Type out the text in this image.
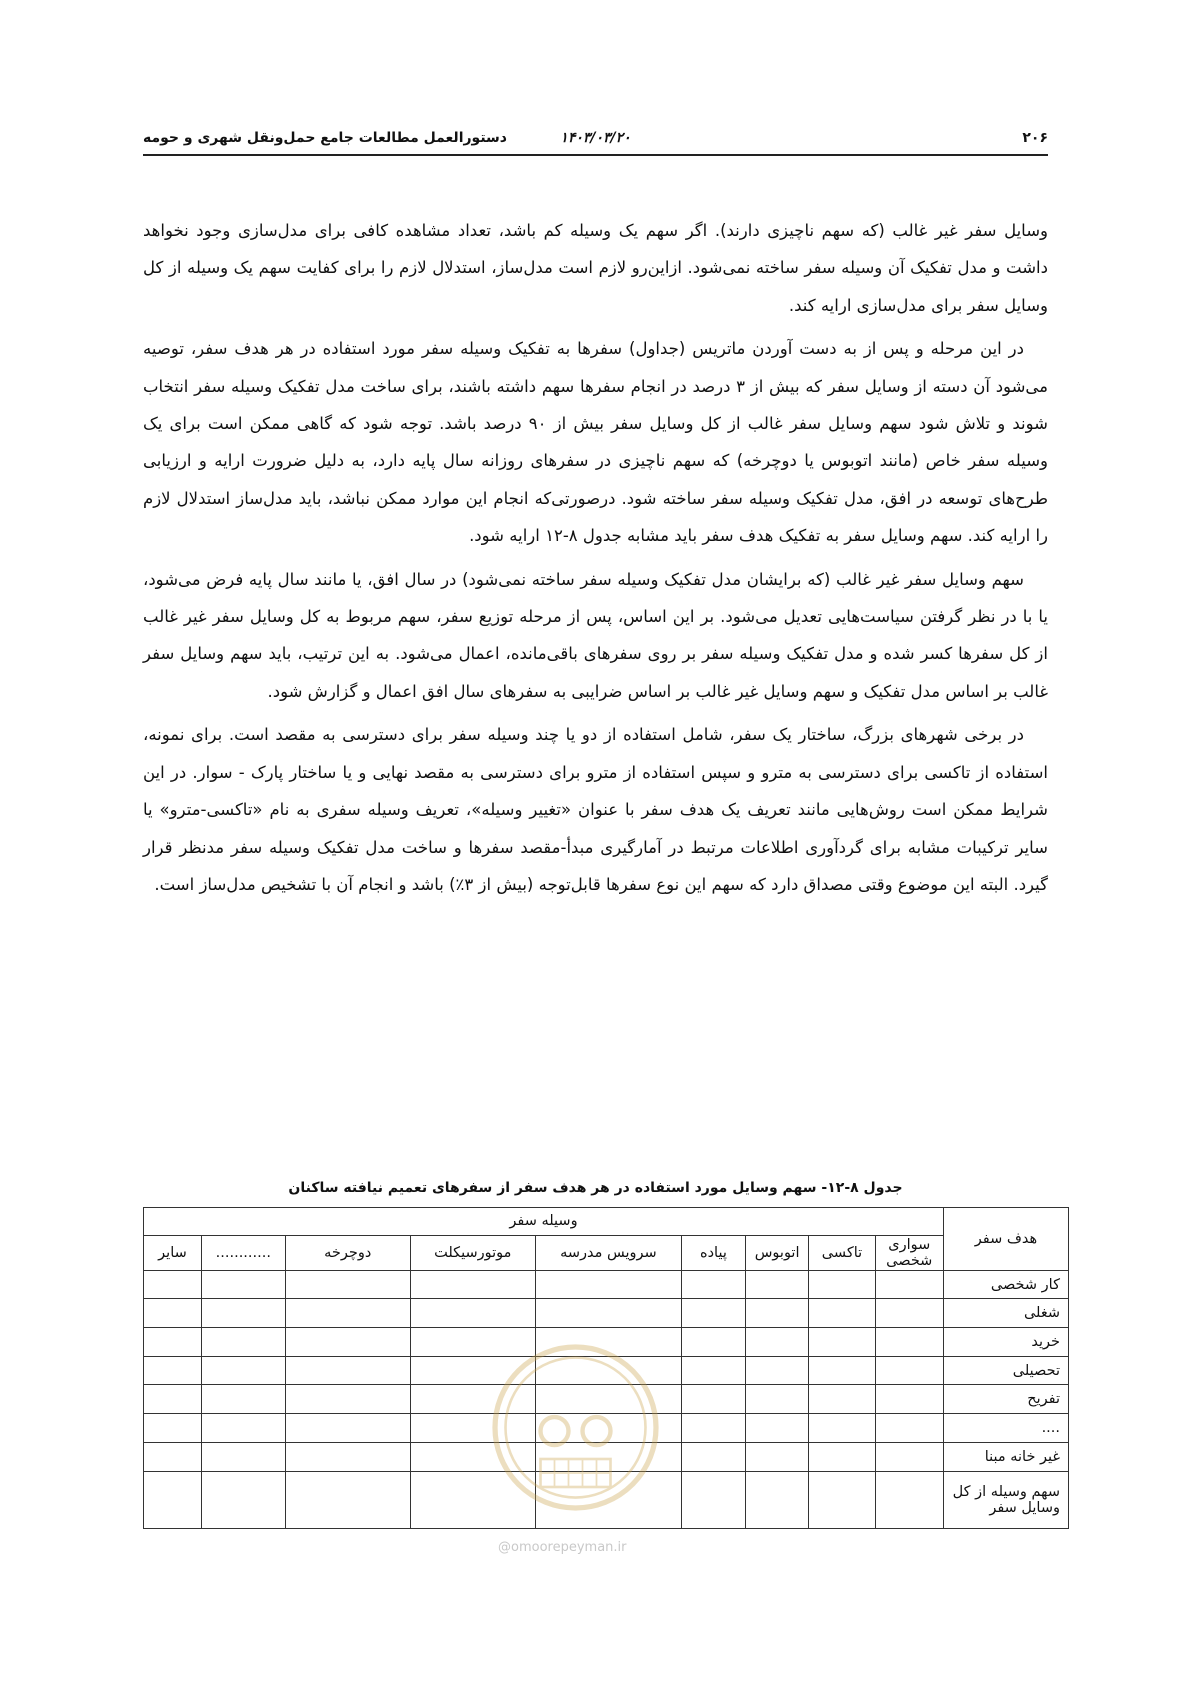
۲۰۶
۱۴۰۳/۰۳/۲۰
دستورالعمل مطالعات جامع حمل‌ونقل شهری و حومه

وسایل سفر غیر غالب (که سهم ناچیزی دارند). اگر سهم یک وسیله کم باشد، تعداد مشاهده کافی برای مدل‌سازی وجود نخواهد داشت و مدل تفکیک آن وسیله سفر ساخته نمی‌شود. ازاین‌رو لازم است مدل‌ساز، استدلال لازم را برای کفایت سهم یک وسیله از کل وسایل سفر برای مدل‌سازی ارایه کند.

در این مرحله و پس از به دست آوردن ماتریس (جداول) سفرها به تفکیک وسیله سفر مورد استفاده در هر هدف سفر، توصیه می‌شود آن دسته از وسایل سفر که بیش از ۳ درصد در انجام سفرها سهم داشته باشند، برای ساخت مدل تفکیک وسیله سفر انتخاب شوند و تلاش شود سهم وسایل سفر غالب از کل وسایل سفر بیش از ۹۰ درصد باشد. توجه شود که گاهی ممکن است برای یک وسیله سفر خاص (مانند اتوبوس یا دوچرخه) که سهم ناچیزی در سفرهای روزانه سال پایه دارد، به دلیل ضرورت ارایه و ارزیابی طرح‌های توسعه در افق، مدل تفکیک وسیله سفر ساخته شود. درصورتی‌که انجام این موارد ممکن نباشد، باید مدل‌ساز استدلال لازم را ارایه کند. سهم وسایل سفر به تفکیک هدف سفر باید مشابه جدول ۸-۱۲ ارایه شود.

سهم وسایل سفر غیر غالب (که برایشان مدل تفکیک وسیله سفر ساخته نمی‌شود) در سال افق، یا مانند سال پایه فرض می‌شود، یا با در نظر گرفتن سیاست‌هایی تعدیل می‌شود. بر این اساس، پس از مرحله توزیع سفر، سهم مربوط به کل وسایل سفر غیر غالب از کل سفرها کسر شده و مدل تفکیک وسیله سفر بر روی سفرهای باقی‌مانده، اعمال می‌شود. به این ترتیب، باید سهم وسایل سفر غالب بر اساس مدل تفکیک و سهم وسایل غیر غالب بر اساس ضرایبی به سفرهای سال افق اعمال و گزارش شود.

در برخی شهرهای بزرگ، ساختار یک سفر، شامل استفاده از دو یا چند وسیله سفر برای دسترسی به مقصد است. برای نمونه، استفاده از تاکسی برای دسترسی به مترو و سپس استفاده از مترو برای دسترسی به مقصد نهایی و یا ساختار پارک - سوار. در این شرایط ممکن است روش‌هایی مانند تعریف یک هدف سفر با عنوان «تغییر وسیله»، تعریف وسیله سفری به نام «تاکسی-مترو» یا سایر ترکیبات مشابه برای گردآوری اطلاعات مرتبط در آمارگیری مبدأ-مقصد سفرها و ساخت مدل تفکیک وسیله سفر مدنظر قرار گیرد. البته این موضوع وقتی مصداق دارد که سهم این نوع سفرها قابل‌توجه (بیش از ۳٪) باشد و انجام آن با تشخیص مدل‌ساز است.

جدول ۸-۱۲- سهم وسایل مورد استفاده در هر هدف سفر از سفرهای تعمیم نیافته ساکنان
هدف سفر	وسیله سفر								
	سواری شخصی	تاکسی	اتوبوس	پیاده	سرویس مدرسه	موتورسیکلت	دوچرخه	............	سایر
کار شخصی									
شغلی									
خرید									
تحصیلی									
تفریح									
....									
غیر خانه مبنا									
سهم وسیله از کل وسایل سفر									
@omoorepeyman.ir
